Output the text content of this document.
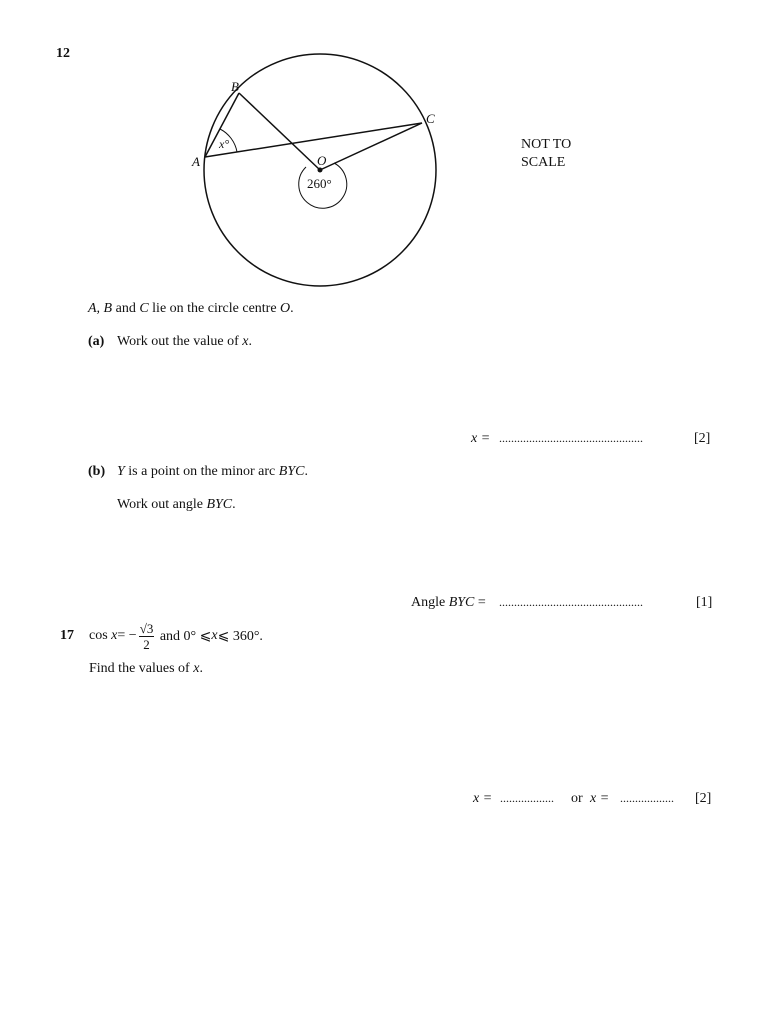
12
A
B
C
O
x°
260°
NOT TO
SCALE
A, B and C lie on the circle centre O.
(a) Work out the value of x.
x = ................................................	[2]
(b) Y is a point on the minor arc BYC.
Work out angle BYC.
Angle BYC = ................................................	[1]
17 cos
x = − $\frac{√3}{2}$
and 0° ⩽ x ⩽ 360°.
Find the values of x.
x = ..................	or x = ..................	[2]
